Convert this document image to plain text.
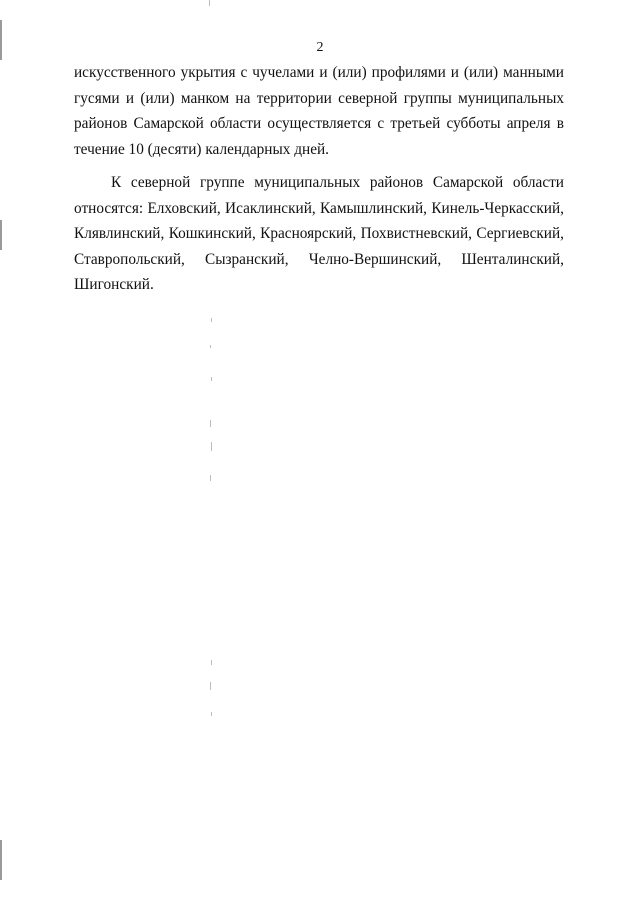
2

искусственного укрытия с чучелами и (или) профилями и (или) манными гусями и (или) манком на территории северной группы муниципальных районов Самарской области осуществляется с третьей субботы апреля в течение 10 (десяти) календарных дней.

К северной группе муниципальных районов Самарской области относятся: Елховский, Исаклинский, Камышлинский, Кинель-Черкасский, Клявлинский, Кошкинский, Красноярский, Похвистневский, Сергиевский, Ставропольский, Сызранский, Челно-Вершинский, Шенталинский, Шигонский.
